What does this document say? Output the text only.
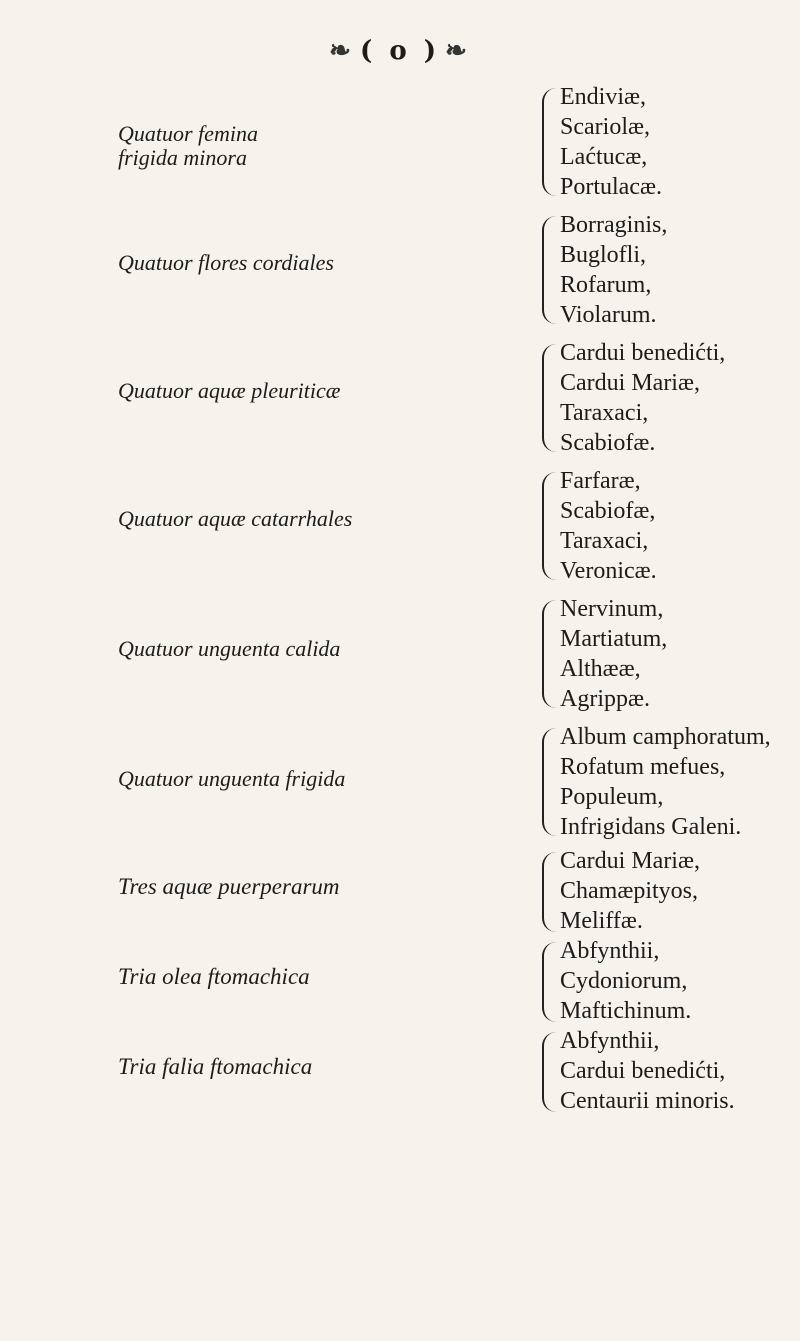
❧ ( o ) ❧
Quatuor femina frigida minora
Endiviæ,
Scariolæ,
Laćtucæ,
Portulacæ.
Quatuor flores cordiales
Borraginis,
Buglofli,
Rofarum,
Violarum.
Quatuor aquæ pleuriticæ
Cardui benedićti,
Cardui Mariæ,
Taraxaci,
Scabiofæ.
Quatuor aquæ catarrhales
Farfaræ,
Scabiofæ,
Taraxaci,
Veronicæ.
Quatuor unguenta calida
Nervinum,
Martiatum,
Althææ,
Agrippæ.
Quatuor unguenta frigida
Album camphoratum,
Rofatum mefues,
Populeum,
Infrigidans Galeni.
Tres aquæ puerperarum
Cardui Mariæ,
Chamæpityos,
Meliffæ.
Tria olea ftomachica
Abfynthii,
Cydoniorum,
Maftichinum.
Tria falia ftomachica
Abfynthii,
Cardui benedićti,
Centaurii minoris.
